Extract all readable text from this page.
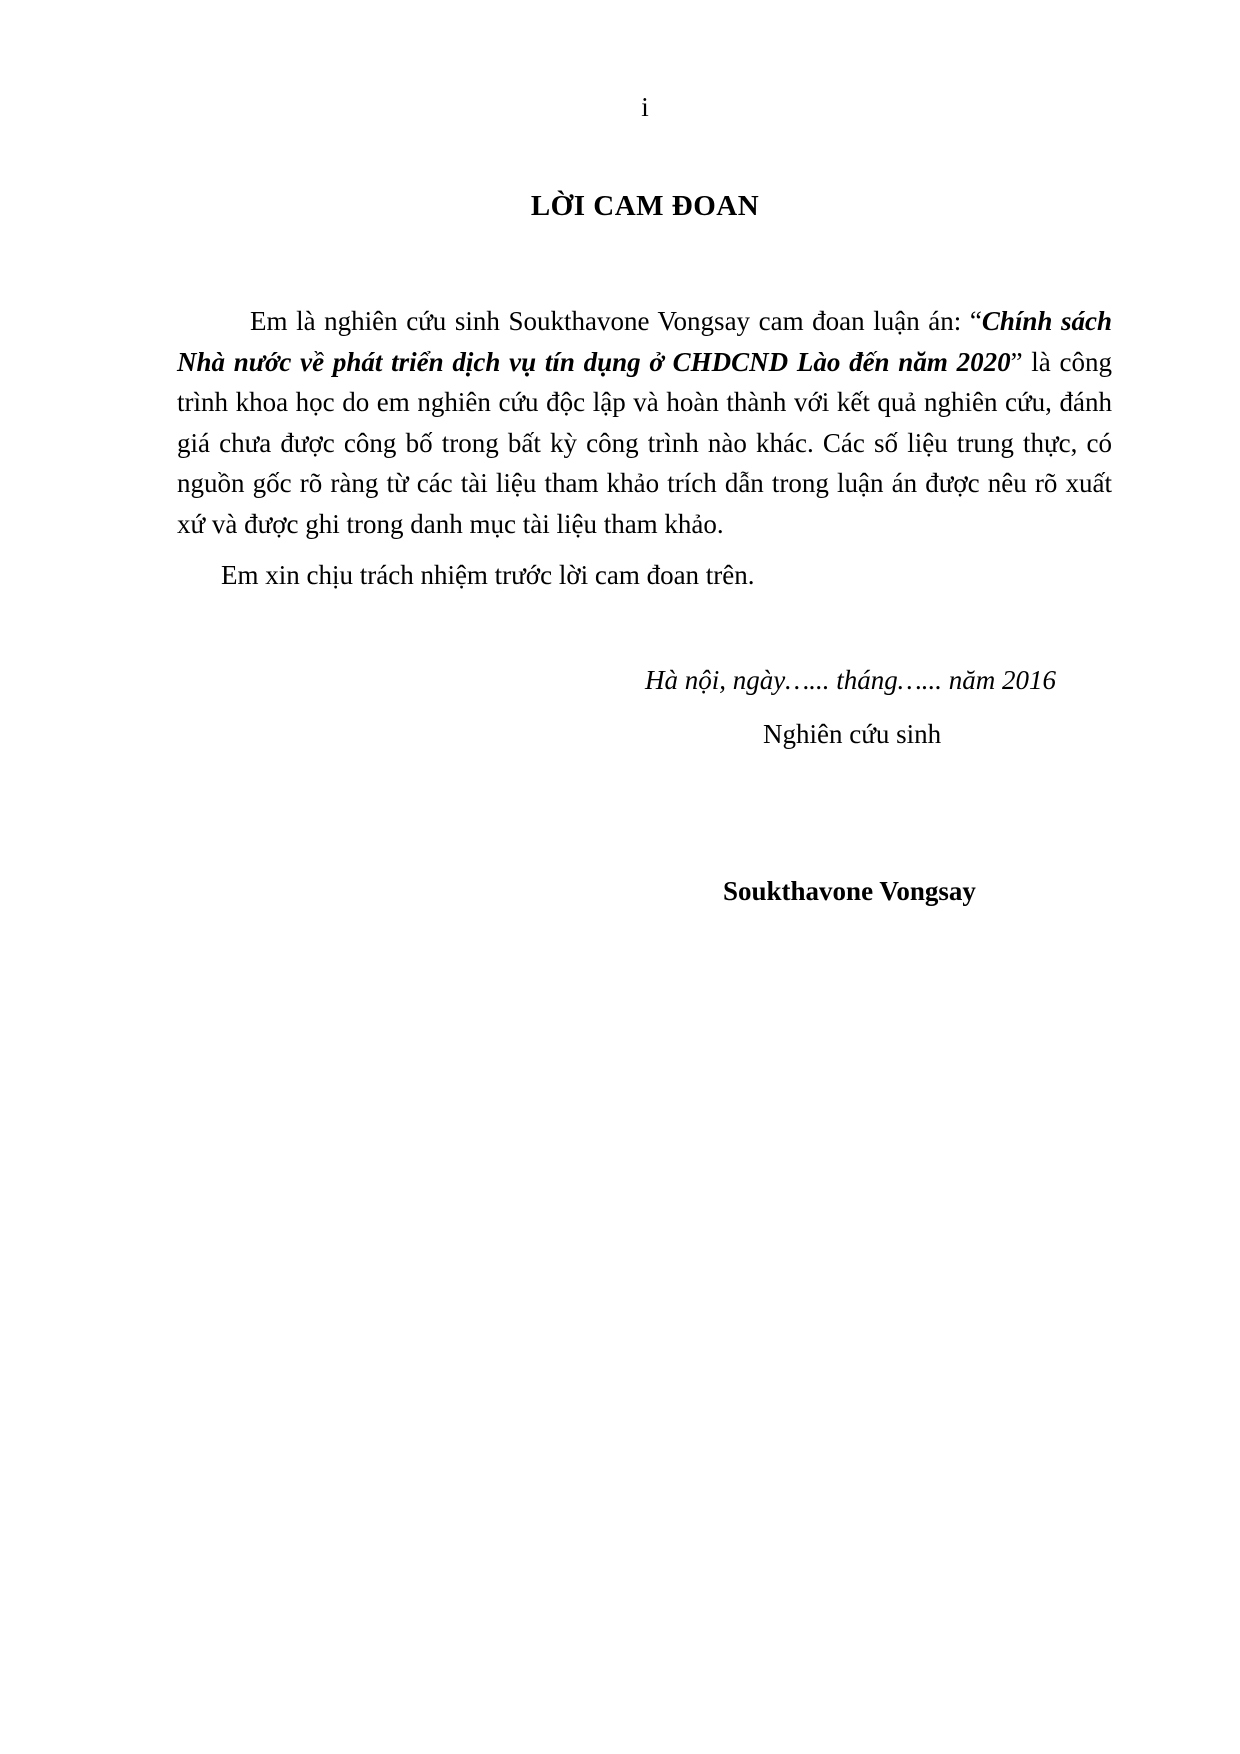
i
LỜI CAM ĐOAN

Em là nghiên cứu sinh Soukthavone Vongsay cam đoan luận án: “Chính sách Nhà nước về phát triển dịch vụ tín dụng ở CHDCND Lào đến năm 2020” là công trình khoa học do em nghiên cứu độc lập và hoàn thành với kết quả nghiên cứu, đánh giá chưa được công bố trong bất kỳ công trình nào khác. Các số liệu trung thực, có nguồn gốc rõ ràng từ các tài liệu tham khảo trích dẫn trong luận án được nêu rõ xuất xứ và được ghi trong danh mục tài liệu tham khảo.

Em xin chịu trách nhiệm trước lời cam đoan trên.

Hà nội, ngày…... tháng…... năm 2016
Nghiên cứu sinh
Soukthavone Vongsay
